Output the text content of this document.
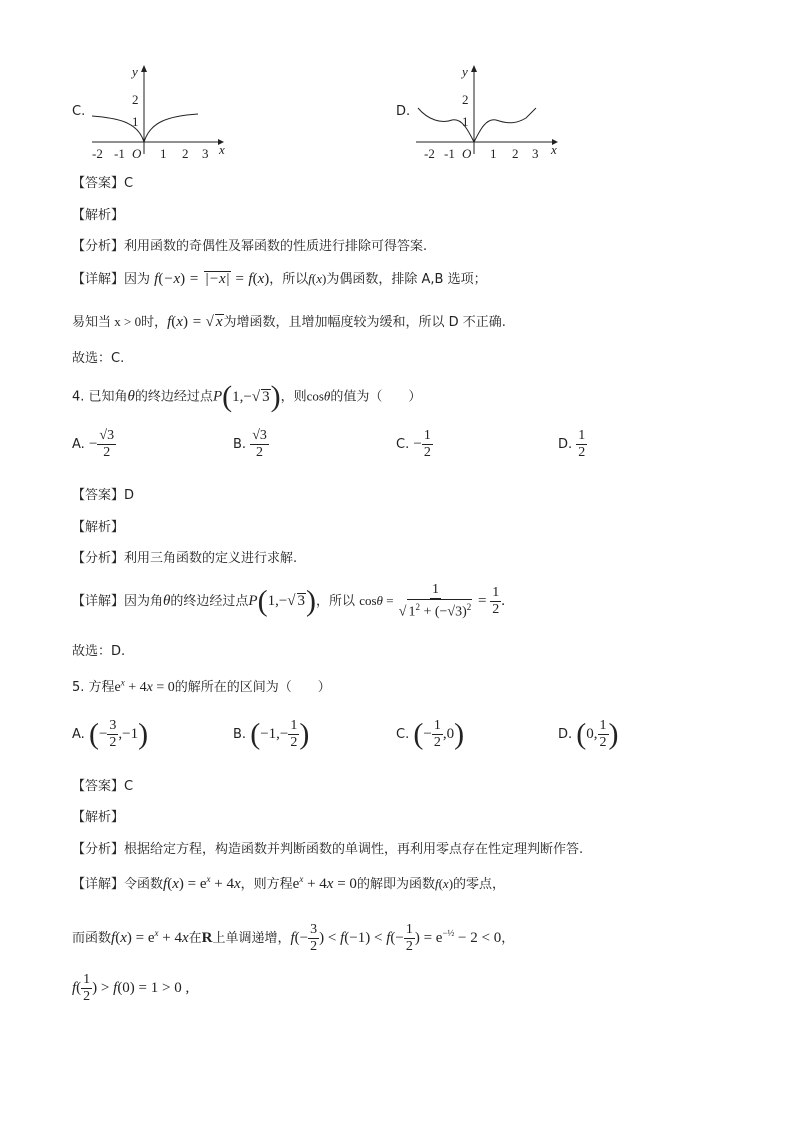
C.
y
x
2
1
-2 -1 O 1 2 3
D.
y
x
2
1
-2 -1 O 1 2 3
【答案】C
【解析】
【分析】利用函数的奇偶性及幂函数的性质进行排除可得答案.
【详解】因为 f(−x) = |−x| = f(x)，所以f(x)为偶函数，排除 A,B 选项；
易知当 x > 0时，f(x) = √ x为增函数，且增加幅度较为缓和，所以 D 不正确.
故选：C.
4. 已知角θ的终边经过点P(1,−√ 3)，则cosθ的值为（　　）
A. − $\frac{√3}{2}$	B. $\frac{√3}{2}$	C. − $\frac{1}{2}$	D. $\frac{1}{2}$
【答案】D
【解析】
【分析】利用三角函数的定义进行求解.
【详解】因为角θ的终边经过点P(1,−√ 3)，所以 $\cos\theta = \frac{1}{√ 1^2 + (-√3)^2} = \frac{1}{2}$ .
故选：D.
5. 方程$e^x + 4x = 0$的解所在的区间为（　　）
A. (− $\frac{3}{2} ,-1$)	B. ($-1,- \frac{1}{2}$ )	C. (− $\frac{1}{2} ,0$)	D. (0, $\frac{1}{2}$ )
【答案】C
【解析】
【分析】根据给定方程，构造函数并判断函数的单调性，再利用零点存在性定理判断作答.
【详解】令函数$f(x) = e^x + 4x$，则方程$e^x + 4x = 0$的解即为函数f(x)的零点，
而函数$f(x) = e^x + 4x$在R上单调递增，$f(- \frac{3}{2}$ ) < $f(-1) < f(- \frac{1}{2}$ ) = $e^{-\frac{1}{2}} - 2 < 0$，
$f( \frac{1}{2}$ ) > f(0) = 1 > 0 ,
